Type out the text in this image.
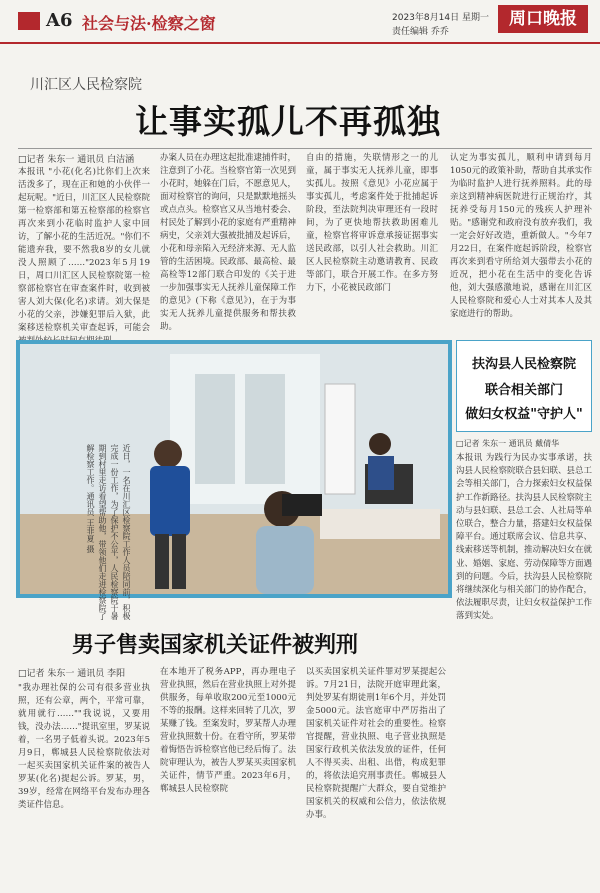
A6 社会与法·检察之窗	2023年8月14日 星期一
责任编辑 乔乔
周口晚报
川汇区人民检察院
让事实孤儿不再孤独
□记者 朱东一 通讯员 白洁涵

本报讯 "小花(化名)比你们上次来活泼多了，现在正和她的小伙伴一起玩呢。"近日，川汇区人民检察院第一检察部和第五检察部的检察官再次来到小花临时监护人家中回访，了解小花的生活近况。"你们不能遗弃我，要不然我8岁的女儿就没人照顾了……"2023年5月19日，周口川汇区人民检察院第一检察部检察官在审查案件时，收到被害人刘大保(化名)求请。刘大保是小花的父亲，涉嫌犯罪后入狱，此案移送检察机关审查起诉，可能会

办案人员在办理这起批准逮捕件时，注意到了小花。当检察官第一次见到小花时，她躲在门后，不愿意见人，面对检察官的询问，只是默默地摇头或点点头。检察官又从当地村委会、村民处了解到小花的家庭有严重精神病史，父亲刘大强被批捕及起诉后，小花和母亲陷入无经济来源、无人监管的生活困境。民政部、最高检、最高检等12部门联合印发的《关于进一步加强事实无人抚养儿童保障工作的意见》(下称《意见》)，在于为事实无人抚养儿童提供服务和帮扶救助。

自由的措施，失联情形之一的儿童，属于事实无人抚养儿童，即事实孤儿。按照《意见》小花应属于事实孤儿，考虑案件处于批捕起诉阶段，至法院判决审理还有一段时间，为了更快地帮扶救助困难儿童，检察官将审诉意承接证据事实送民政部，以引人社会救助。川汇区人民检察院主动邀请教育、民政等部门，联合开展工作。在多方努力下，小花被民政部门

认定为事实孤儿，顺利申请到每月1050元的政策补助，帮助自其承实作为临时监护人进行抚养照料。此的母亲这到精神病医院进行正规治疗，其抚养受每月150元的残疾人护理补贴。"感谢党和政府没有放弃我们，我一定会好好改造，重新做人。"今年7月22日，在案件庭起诉阶段，检察官再次来到看守所给刘大强带去小花的近况，把小花在生活中的变化告诉他，刘大强感激地说，感谢在川汇区人民检察院和爱心人士对其本人及其家庭进行的帮助。

近日，一名在川汇区检察院工作人员陪同前，积极完成一份工作，为了保护不公平，人民检察院于暑期到村里走访看望帮助他，带领他们走进检察院了解检察工作。通讯员 王菲夏 摄
扶沟县人民检察院
联合相关部门
做妇女权益"守护人"
□记者 朱东一 通讯员 戴倩华

本报讯 为践行为民办实事承诺，扶沟县人民检察院联合县妇联、县总工会等相关部门，合力探索妇女权益保护工作新路径。扶沟县人民检察院主动与县妇联、县总工会、人社局等单位联合，整合力量，搭建妇女权益保障平台。通过联席会议、信息共享、线索移送等机制，推动解决妇女在就业、婚姻、家庭、劳动保障等方面遇到的问题。今后，扶沟县人民检察院将继续深化与相关部门的协作配合，依法履职尽责，让妇女权益保护工作落到实处。

男子售卖国家机关证件被判刑
□记者 朱东一 通讯员 李阳

"我办理社保的公司有很多营业执照，还有公章，两个，平常可靠，就用就行……""我说说，又要用钱，没办法……"提讯室里，罗某说着，一名男子低着头说。2023年5月9日，郸城县人民检察院依法对一起买卖国家机关证件案的被告人罗某(化名)提起公诉。罗某，男，39岁，经常在网络平台发布办理各类证件信息。

在本地开了税务APP，再办理电子营业执照，然后在营业执照上对外提供服务，每单收取200元至1000元不等的报酬。这样来回转了几次，罗某赚了钱。至案发时，罗某帮人办理营业执照数十份。在看守所，罗某带着悔悟告诉检察官他已经后悔了。法院审理认为，被告人罗某买卖国家机关证件，情节严重。2023年6月，郸城县人民检察院

以买卖国家机关证件罪对罗某提起公诉。7月21日，法院开庭审理此案，判处罗某有期徒刑1年6个月，并处罚金5000元。法官庭审中严厉指出了国家机关证件对社会的重要性。检察官提醒，营业执照、电子营业执照是国家行政机关依法发放的证件，任何人不得买卖、出租、出借，构成犯罪的，将依法追究刑事责任。郸城县人民检察院提醒广大群众，要自觉维护国家机关的权威和公信力，依法依规办事。
